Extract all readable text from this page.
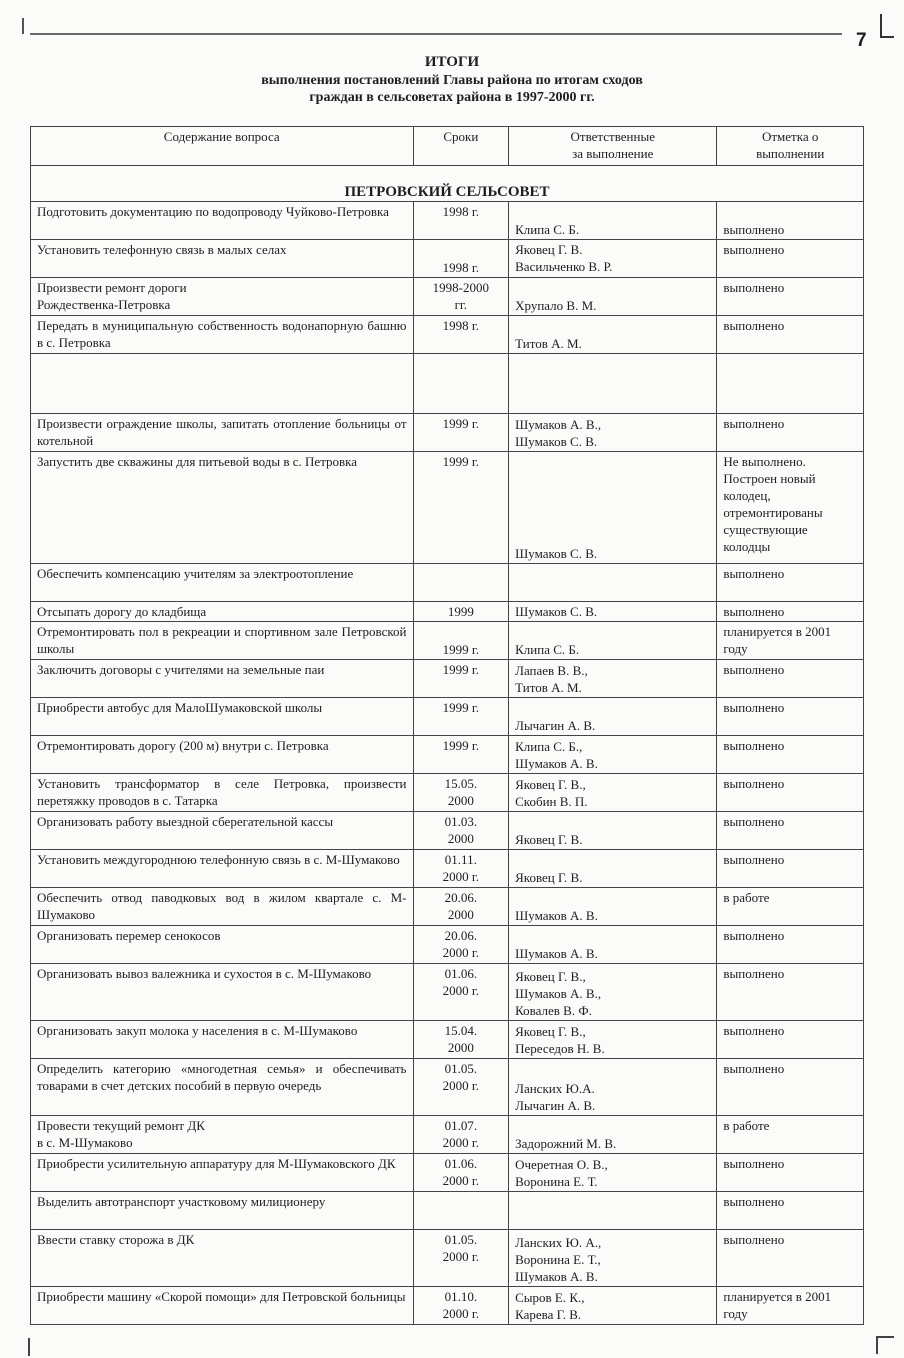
7
ИТОГИ
выполнения постановлений Главы района по итогам сходов
граждан в сельсоветах района в 1997-2000 гг.
Содержание вопроса	Сроки	Ответственные
за выполнение	Отметка о
выполнении
ПЕТРОВСКИЙ СЕЛЬСОВЕТ			
Подготовить документацию по водопроводу Чуйково-Петровка	1998 г.	Клипа С. Б.	выполнено
Установить телефонную связь в малых селах	1998 г.	Яковец Г. В.
Васильченко В. Р.	выполнено
Произвести ремонт дороги
Рождественка-Петровка	1998-2000
гг.	Хрупало В. М.	выполнено
Передать в муниципальную собственность водонапорную башню в с. Петровка	1998 г.	Титов А. М.	выполнено

Произвести ограждение школы, запитать отопление больницы от котельной	1999 г.	Шумаков А. В.,
Шумаков С. В.	выполнено
Запустить две скважины для питьевой воды в с. Петровка	1999 г.	Шумаков С. В.	Не выполнено.
Построен новый колодец, отремонтированы существующие колодцы
Обеспечить компенсацию учителям за электроотопление			выполнено
Отсыпать дорогу до кладбища	1999	Шумаков С. В.	выполнено
Отремонтировать пол в рекреации и спортивном зале Петровской школы	1999 г.	Клипа С. Б.	планируется в 2001 году
Заключить договоры с учителями на земельные паи	1999 г.	Лапаев В. В.,
Титов А. М.	выполнено
Приобрести автобус для МалоШумаковской школы	1999 г.	Лычагин А. В.	выполнено
Отремонтировать дорогу (200 м) внутри с. Петровка	1999 г.	Клипа С. Б.,
Шумаков А. В.	выполнено
Установить трансформатор в селе Петровка, произвести перетяжку проводов в с. Татарка	15.05.
2000	Яковец Г. В.,
Скобин В. П.	выполнено
Организовать работу выездной сберегательной кассы	01.03.
2000	Яковец Г. В.	выполнено
Установить междугороднюю телефонную связь в с. М-Шумаково	01.11.
2000 г.	Яковец Г. В.	выполнено
Обеспечить отвод паводковых вод в жилом квартале с. М-Шумаково	20.06.
2000	Шумаков А. В.	в работе
Организовать перемер сенокосов	20.06.
2000 г.	Шумаков А. В.	выполнено
Организовать вывоз валежника и сухостоя в с. М-Шумаково	01.06.
2000 г.	Яковец Г. В.,
Шумаков А. В.,
Ковалев В. Ф.	выполнено
Организовать закуп молока у населения в с. М-Шумаково	15.04.
2000	Яковец Г. В.,
Переседов Н. В.	выполнено
Определить категорию «многодетная семья» и обеспечивать товарами в счет детских пособий в первую очередь	01.05.
2000 г.	Ланских Ю.А.
Лычагин А. В.	выполнено
Провести текущий ремонт ДК
в с. М-Шумаково	01.07.
2000 г.	Задорожний М. В.	в работе
Приобрести усилительную аппаратуру для М-Шумаковского ДК	01.06.
2000 г.	Очеретная О. В.,
Воронина Е. Т.	выполнено
Выделить автотранспорт участковому милиционеру			выполнено
Ввести ставку сторожа в ДК	01.05.
2000 г.	Ланских Ю. А.,
Воронина Е. Т.,
Шумаков А. В.	выполнено
Приобрести машину «Скорой помощи» для Петровской больницы	01.10.
2000 г.	Сыров Е. К.,
Карева Г. В.	планируется в 2001 году
